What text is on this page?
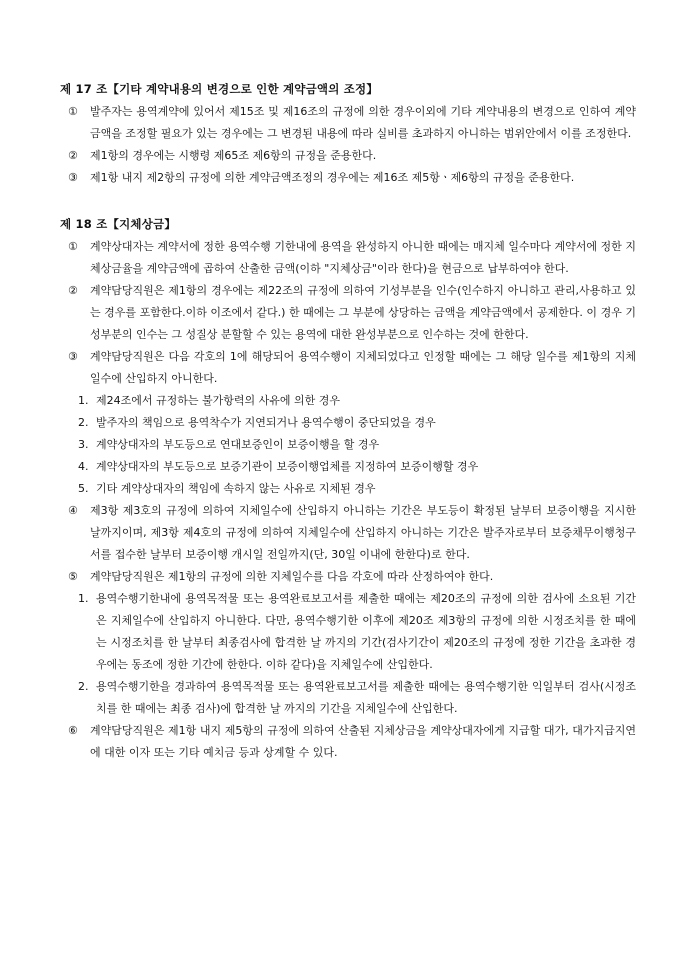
제 17 조【기타 계약내용의 변경으로 인한 계약금액의 조정】
①	발주자는 용역계약에 있어서 제15조 및 제16조의 규정에 의한 경우이외에 기타 계약내용의 변경으로 인하여 계약금액을 조정할 필요가 있는 경우에는 그 변경된 내용에 따라 실비를 초과하지 아니하는 범위안에서 이를 조정한다.
②	제1항의 경우에는 시행령 제65조 제6항의 규정을 준용한다.
③	제1항 내지 제2항의 규정에 의한 계약금액조정의 경우에는 제16조 제5항ㆍ제6항의 규정을 준용한다.
제 18 조【지체상금】
①	계약상대자는 계약서에 정한 용역수행 기한내에 용역을 완성하지 아니한 때에는 매지체 일수마다 계약서에 정한 지체상금율을 계약금액에 곱하여 산출한 금액(이하 "지체상금"이라 한다)을 현금으로 납부하여야 한다.
②	계약담당직원은 제1항의 경우에는 제22조의 규정에 의하여 기성부분을 인수(인수하지 아니하고 관리,사용하고 있는 경우를 포함한다.이하 이조에서 같다.) 한 때에는 그 부분에 상당하는 금액을 계약금액에서 공제한다. 이 경우 기성부분의 인수는 그 성질상 분할할 수 있는 용역에 대한 완성부분으로 인수하는 것에 한한다.
③	계약담당직원은 다음 각호의 1에 해당되어 용역수행이 지체되었다고 인정할 때에는 그 해당 일수를 제1항의 지체일수에 산입하지 아니한다.
1. 제24조에서 규정하는 불가항력의 사유에 의한 경우
2. 발주자의 책임으로 용역착수가 지연되거나 용역수행이 중단되었을 경우
3. 계약상대자의 부도등으로 연대보증인이 보증이행을 할 경우
4. 계약상대자의 부도등으로 보증기관이 보증이행업체를 지정하여 보증이행할 경우
5. 기타 계약상대자의 책임에 속하지 않는 사유로 지체된 경우
④	제3항 제3호의 규정에 의하여 지체일수에 산입하지 아니하는 기간은 부도등이 확정된 날부터 보증이행을 지시한 날까지이며, 제3항 제4호의 규정에 의하여 지체일수에 산입하지 아니하는 기간은 발주자로부터 보증채무이행청구서를 접수한 날부터 보증이행 개시일 전일까지(단, 30일 이내에 한한다)로 한다.
⑤	계약담당직원은 제1항의 규정에 의한 지체일수를 다음 각호에 따라 산정하여야 한다.
1. 용역수행기한내에 용역목적물 또는 용역완료보고서를 제출한 때에는 제20조의 규정에 의한 검사에 소요된 기간은 지체일수에 산입하지 아니한다. 다만, 용역수행기한 이후에 제20조 제3항의 규정에 의한 시정조치를 한 때에는 시정조치를 한 날부터 최종검사에 합격한 날 까지의 기간(검사기간이 제20조의 규정에 정한 기간을 초과한 경우에는 동조에 정한 기간에 한한다. 이하 같다)을 지체일수에 산입한다.
2. 용역수행기한을 경과하여 용역목적물 또는 용역완료보고서를 제출한 때에는 용역수행기한 익일부터 검사(시정조치를 한 때에는 최종 검사)에 합격한 날 까지의 기간을 지체일수에 산입한다.
⑥	계약담당직원은 제1항 내지 제5항의 규정에 의하여 산출된 지체상금을 계약상대자에게 지급할 대가, 대가지급지연에 대한 이자 또는 기타 예치금 등과 상계할 수 있다.
